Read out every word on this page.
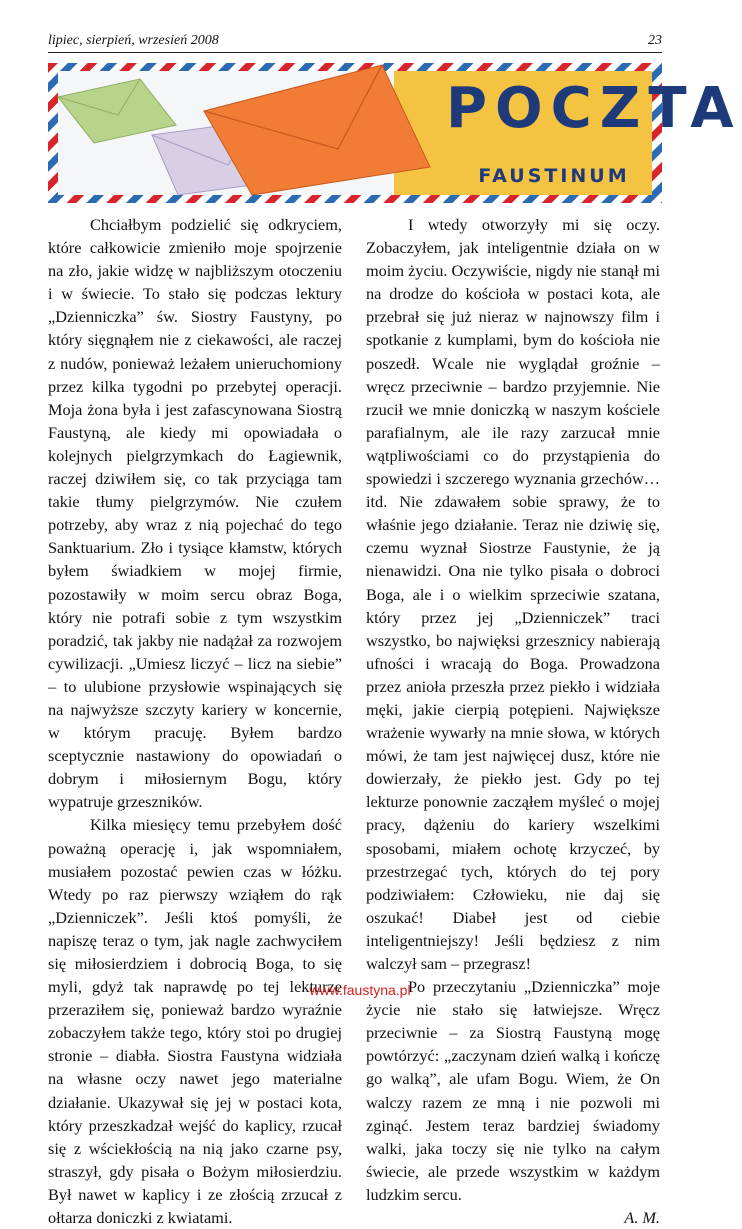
lipiec, sierpień, wrzesień 2008	23
POCZTA
FAUSTINUM

Chciałbym podzielić się odkryciem, które całkowicie zmieniło moje spojrzenie na zło, jakie widzę w najbliższym otoczeniu i w świecie. To stało się podczas lektury „Dzienniczka” św. Siostry Faustyny, po który sięgnąłem nie z ciekawości, ale raczej z nudów, ponieważ leżałem unieruchomiony przez kilka tygodni po przebytej operacji. Moja żona była i jest zafascynowana Siostrą Faustyną, ale kiedy mi opowiadała o kolejnych pielgrzymkach do Łagiewnik, raczej dziwiłem się, co tak przyciąga tam takie tłumy pielgrzymów. Nie czułem potrzeby, aby wraz z nią pojechać do tego Sanktuarium. Zło i tysiące kłamstw, których byłem świadkiem w mojej firmie, pozostawiły w moim sercu obraz Boga, który nie potrafi sobie z tym wszystkim poradzić, tak jakby nie nadążał za rozwojem cywilizacji. „Umiesz liczyć – licz na siebie” – to ulubione przysłowie wspinających się na najwyższe szczyty kariery w koncernie, w którym pracuję. Byłem bardzo sceptycznie nastawiony do opowiadań o dobrym i miłosiernym Bogu, który wypatruje grzeszników.

Kilka miesięcy temu przebyłem dość poważną operację i, jak wspomniałem, musiałem pozostać pewien czas w łóżku. Wtedy po raz pierwszy wziąłem do rąk „Dzienniczek”. Jeśli ktoś pomyśli, że napiszę teraz o tym, jak nagle zachwyciłem się miłosierdziem i dobrocią Boga, to się myli, gdyż tak naprawdę po tej lekturze przeraziłem się, ponieważ bardzo wyraźnie zobaczyłem także tego, który stoi po drugiej stronie – diabła. Siostra Faustyna widziała na własne oczy nawet jego materialne działanie. Ukazywał się jej w postaci kota, który przeszkadzał wejść do kaplicy, rzucał się z wściekłością na nią jako czarne psy, straszył, gdy pisała o Bożym miłosierdziu. Był nawet w kaplicy i ze złością zrzucał z ołtarza doniczki z kwiatami.

I wtedy otworzyły mi się oczy. Zobaczyłem, jak inteligentnie działa on w moim życiu. Oczywiście, nigdy nie stanął mi na drodze do kościoła w postaci kota, ale przebrał się już nieraz w najnowszy film i spotkanie z kumplami, bym do kościoła nie poszedł. Wcale nie wyglądał groźnie – wręcz przeciwnie – bardzo przyjemnie. Nie rzucił we mnie doniczką w naszym kościele parafialnym, ale ile razy zarzucał mnie wątpliwościami co do przystąpienia do spowiedzi i szczerego wyznania grzechów… itd. Nie zdawałem sobie sprawy, że to właśnie jego działanie. Teraz nie dziwię się, czemu wyznał Siostrze Faustynie, że ją nienawidzi. Ona nie tylko pisała o dobroci Boga, ale i o wielkim sprzeciwie szatana, który przez jej „Dzienniczek” traci wszystko, bo najwięksi grzesznicy nabierają ufności i wracają do Boga. Prowadzona przez anioła przeszła przez piekło i widziała męki, jakie cierpią potępieni. Największe wrażenie wywarły na mnie słowa, w których mówi, że tam jest najwięcej dusz, które nie dowierzały, że piekło jest. Gdy po tej lekturze ponownie zacząłem myśleć o mojej pracy, dążeniu do kariery wszelkimi sposobami, miałem ochotę krzyczeć, by przestrzegać tych, których do tej pory podziwiałem: Człowieku, nie daj się oszukać! Diabeł jest od ciebie inteligentniejszy! Jeśli będziesz z nim walczył sam – przegrasz!

Po przeczytaniu „Dzienniczka” moje życie nie stało się łatwiejsze. Wręcz przeciwnie – za Siostrą Faustyną mogę powtórzyć: „zaczynam dzień walką i kończę go walką”, ale ufam Bogu. Wiem, że On walczy razem ze mną i nie pozwoli mi zginąć. Jestem teraz bardziej świadomy walki, jaka toczy się nie tylko na całym świecie, ale przede wszystkim w każdym ludzkim sercu.

A. M.
www.faustyna.pl
